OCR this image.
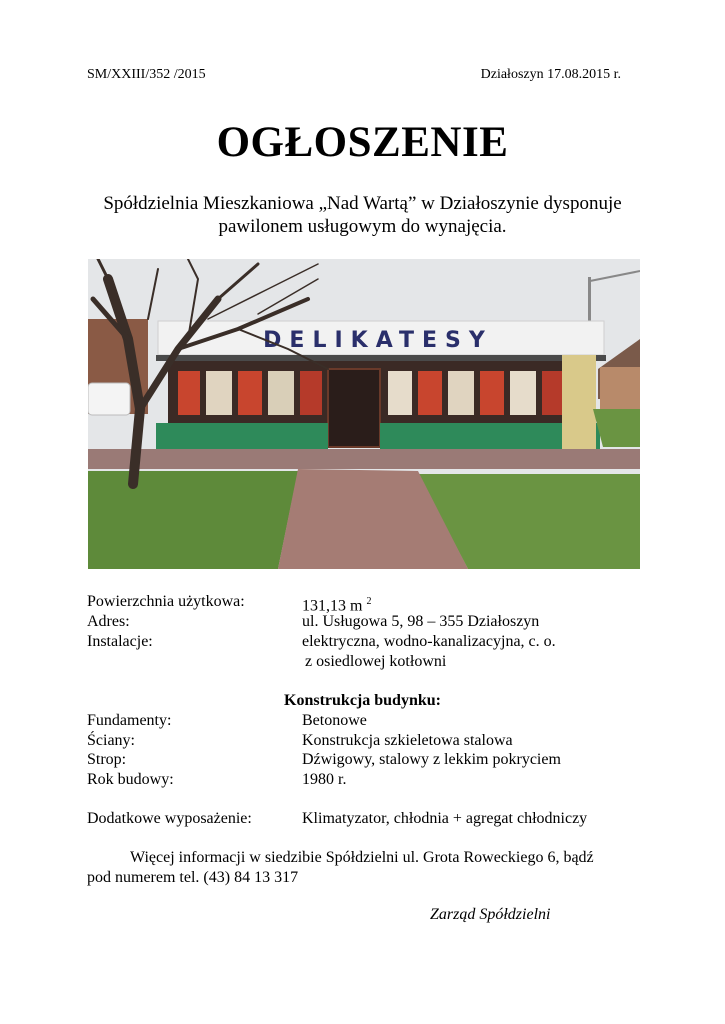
SM/XXIII/352 /2015	Działoszyn 17.08.2015 r.
OGŁOSZENIE
Spółdzielnia Mieszkaniowa „Nad Wartą” w Działoszynie dysponuje
pawilonem usługowym do wynajęcia.
DELIKATESY
Powierzchnia użytkowa:	131,13 m $^2$
Adres:	ul. Usługowa 5, 98 – 355 Działoszyn
Instalacje:	elektryczna, wodno-kanalizacyjna, c. o.
z osiedlowej kotłowni
Konstrukcja budynku:
Fundamenty:	Betonowe
Ściany:	Konstrukcja szkieletowa stalowa
Strop:	Dźwigowy, stalowy z lekkim pokryciem
Rok budowy:	1980 r.
Dodatkowe wyposażenie:	Klimatyzator, chłodnia + agregat chłodniczy
Więcej informacji w siedzibie Spółdzielni ul. Grota Roweckiego 6, bądź
pod numerem tel. (43) 84 13 317
Zarząd Spółdzielni
